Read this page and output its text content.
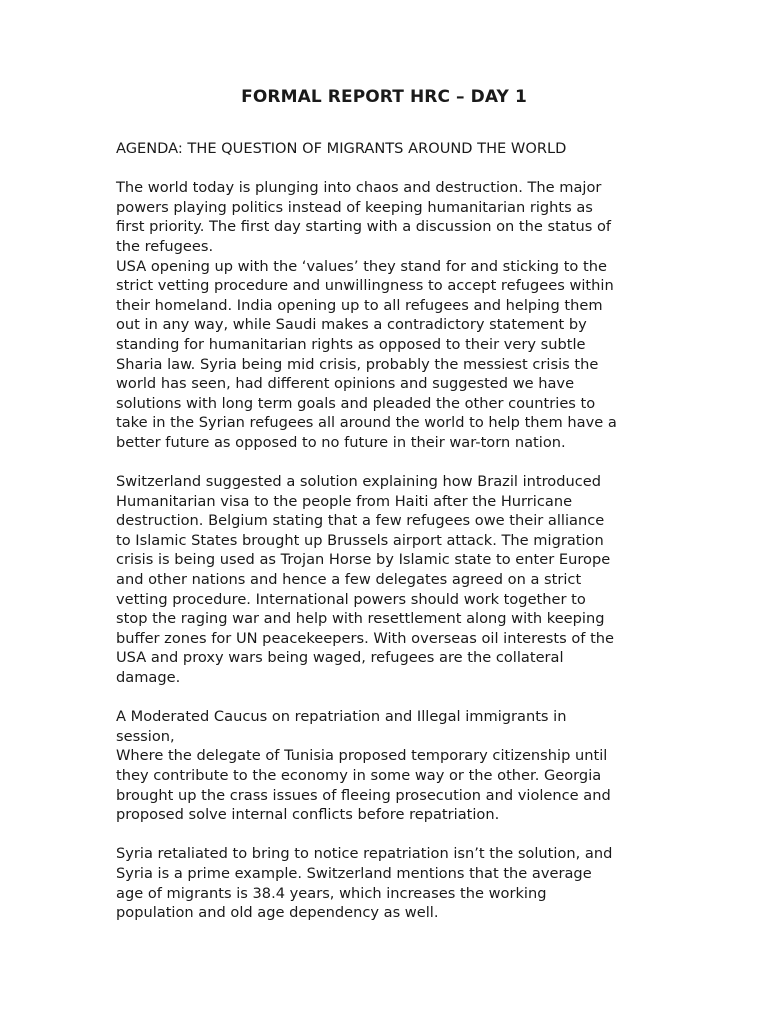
FORMAL REPORT HRC – DAY 1

AGENDA: THE QUESTION OF MIGRANTS AROUND THE WORLD

The world today is plunging into chaos and destruction. The major
powers playing politics instead of keeping humanitarian rights as
first priority. The first day starting with a discussion on the status of
the refugees.
USA opening up with the ‘values’ they stand for and sticking to the
strict vetting procedure and unwillingness to accept refugees within
their homeland. India opening up to all refugees and helping them
out in any way, while Saudi makes a contradictory statement by
standing for humanitarian rights as opposed to their very subtle
Sharia law. Syria being mid crisis, probably the messiest crisis the
world has seen, had different opinions and suggested we have
solutions with long term goals and pleaded the other countries to
take in the Syrian refugees all around the world to help them have a
better future as opposed to no future in their war-torn nation.

Switzerland suggested a solution explaining how Brazil introduced
Humanitarian visa to the people from Haiti after the Hurricane
destruction. Belgium stating that a few refugees owe their alliance
to Islamic States brought up Brussels airport attack. The migration
crisis is being used as Trojan Horse by Islamic state to enter Europe
and other nations and hence a few delegates agreed on a strict
vetting procedure. International powers should work together to
stop the raging war and help with resettlement along with keeping
buffer zones for UN peacekeepers. With overseas oil interests of the
USA and proxy wars being waged, refugees are the collateral
damage.

A Moderated Caucus on repatriation and Illegal immigrants in
session,
Where the delegate of Tunisia proposed temporary citizenship until
they contribute to the economy in some way or the other. Georgia
brought up the crass issues of fleeing prosecution and violence and
proposed solve internal conflicts before repatriation.

Syria retaliated to bring to notice repatriation isn’t the solution, and
Syria is a prime example. Switzerland mentions that the average
age of migrants is 38.4 years, which increases the working
population and old age dependency as well.
